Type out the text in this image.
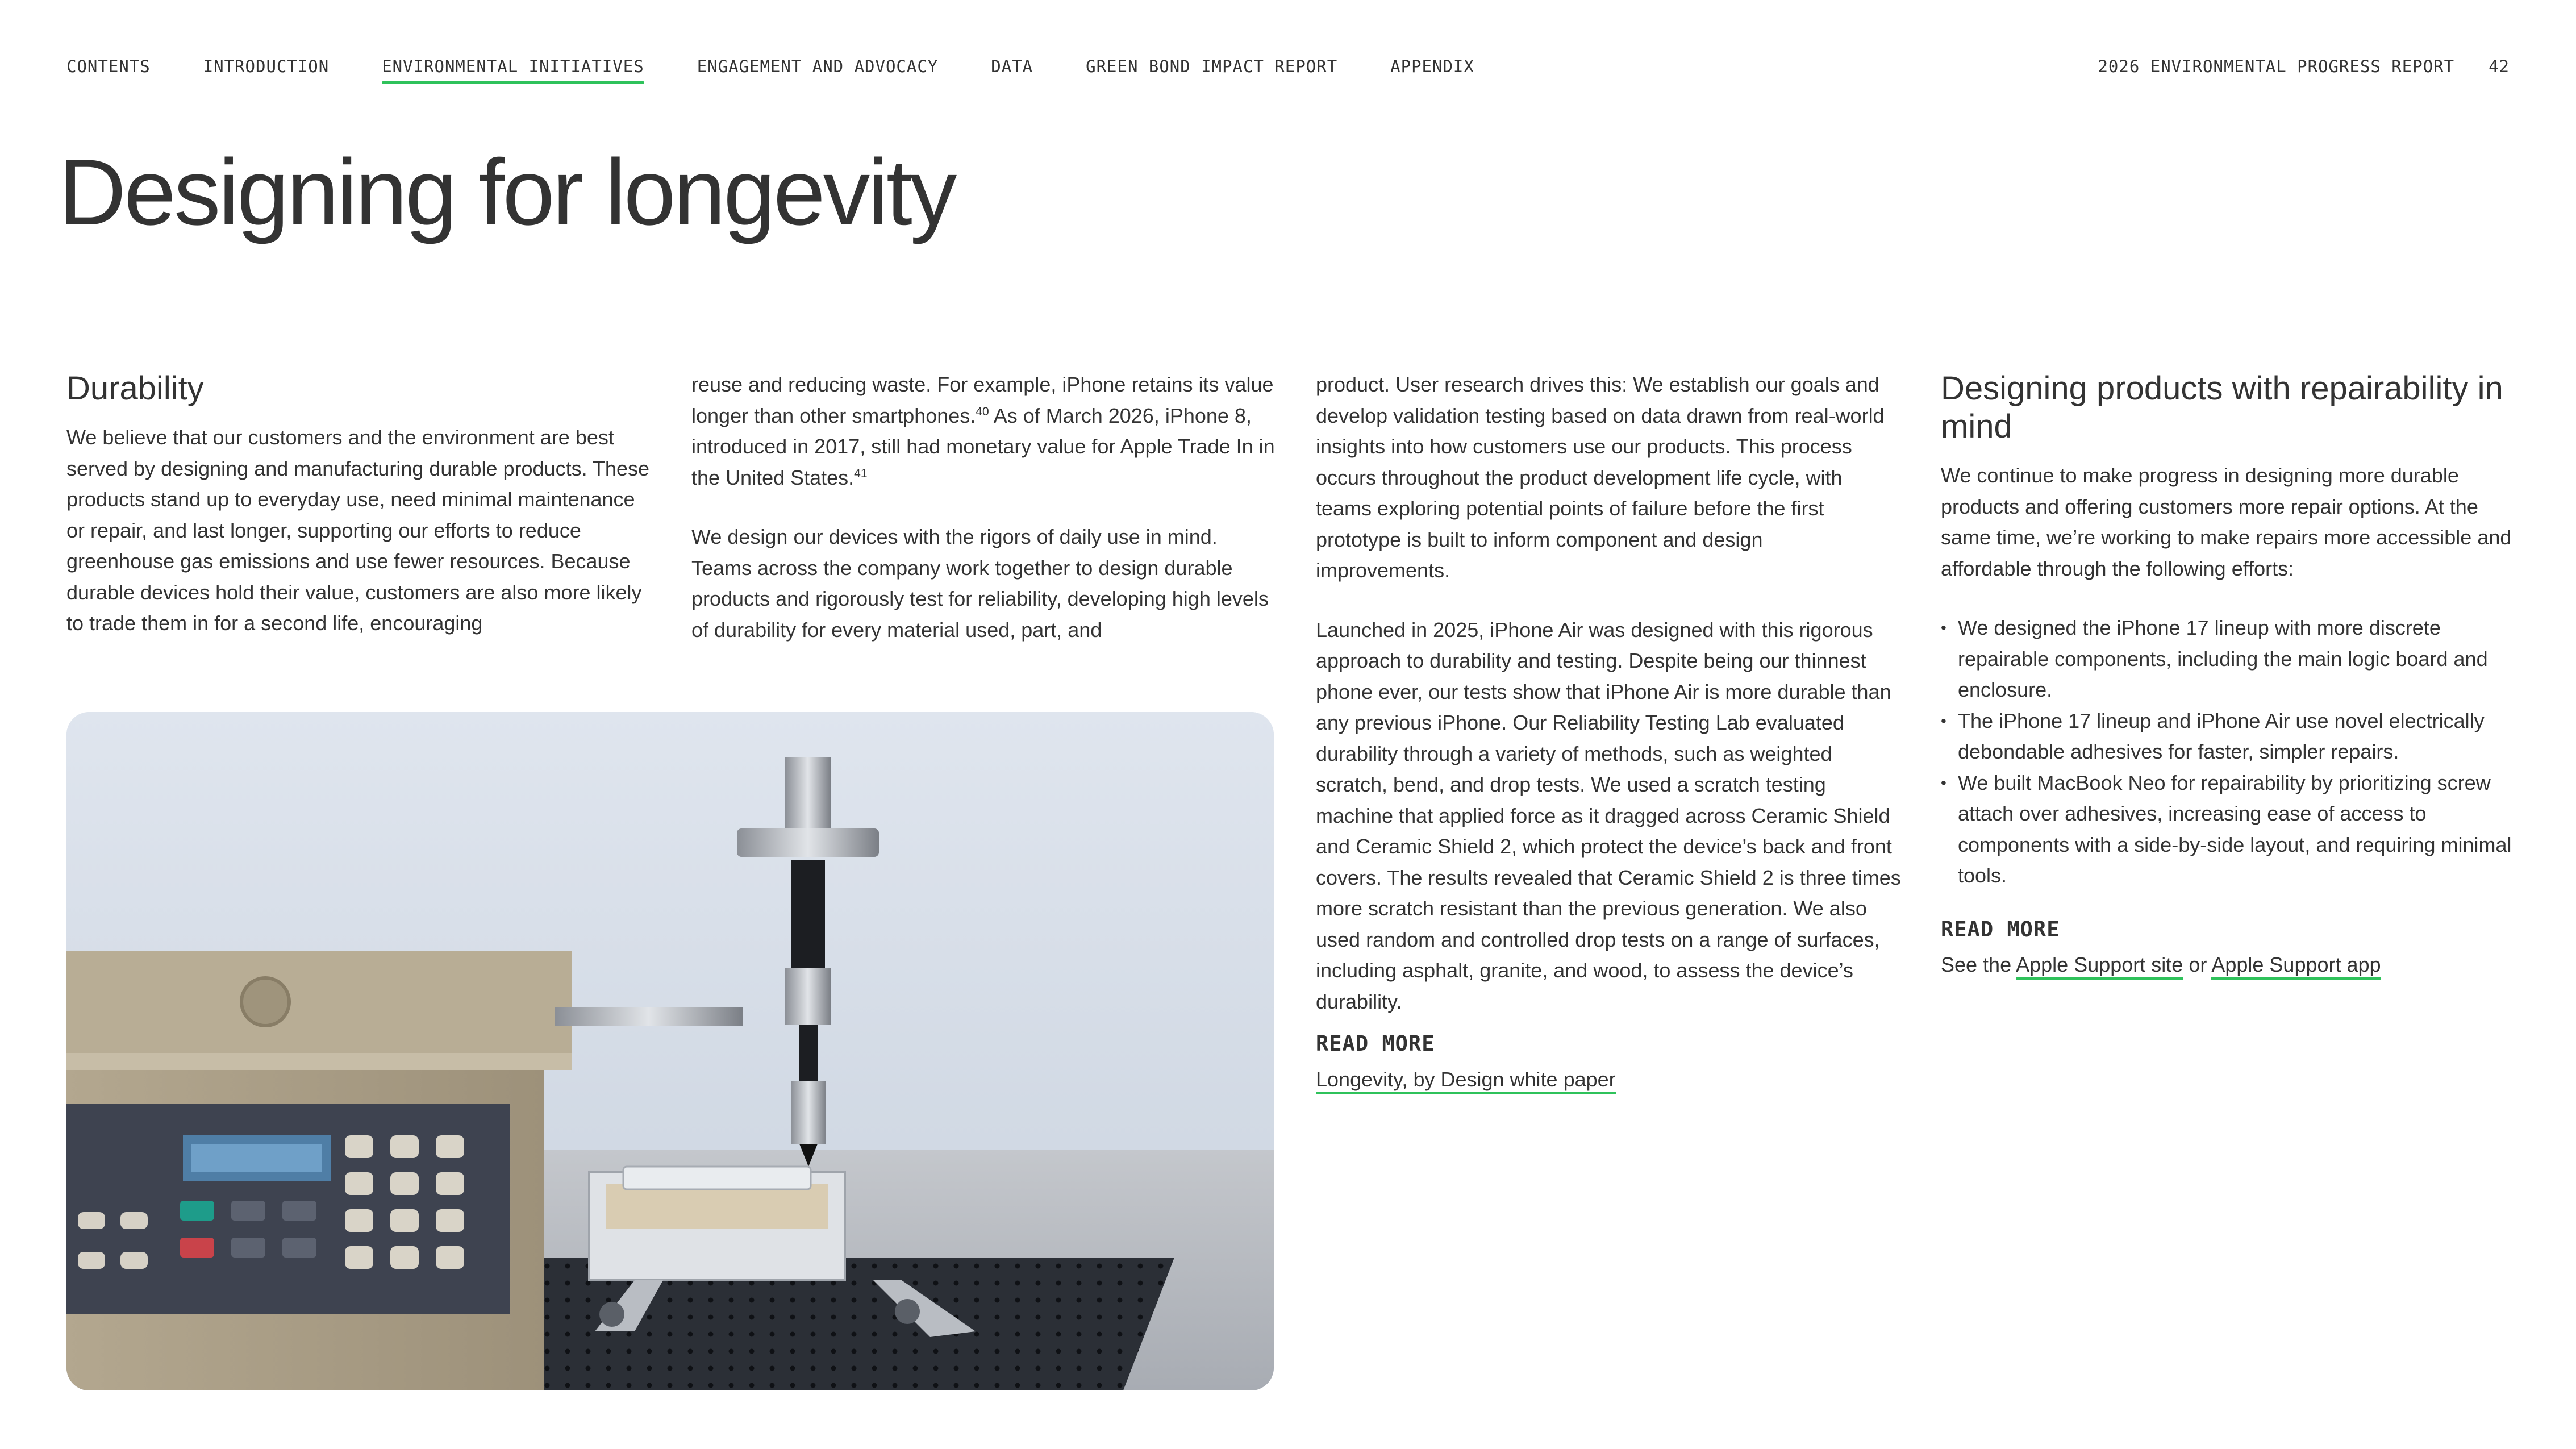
CONTENTS	INTRODUCTION	ENVIRONMENTAL INITIATIVES	ENGAGEMENT AND ADVOCACY	DATA	GREEN BOND IMPACT REPORT	APPENDIX	2026 ENVIRONMENTAL PROGRESS REPORT 42
Designing for longevity
Durability

We believe that our customers and the environment are best served by designing and manufacturing durable products. These products stand up to everyday use, need minimal maintenance or repair, and last longer, supporting our efforts to reduce greenhouse gas emissions and use fewer resources. Because durable devices hold their value, customers are also more likely to trade them in for a second life, encouraging

reuse and reducing waste. For example, iPhone retains its value longer than other smartphones.$^{40}$ As of March 2026, iPhone 8, introduced in 2017, still had monetary value for Apple Trade In in the United States.$^{41}$

We design our devices with the rigors of daily use in mind. Teams across the company work together to design durable products and rigorously test for reliability, developing high levels of durability for every material used, part, and

product. User research drives this: We establish our goals and develop validation testing based on data drawn from real-world insights into how customers use our products. This process occurs throughout the product development life cycle, with teams exploring potential points of failure before the first prototype is built to inform component and design improvements.

Launched in 2025, iPhone Air was designed with this rigorous approach to durability and testing. Despite being our thinnest phone ever, our tests show that iPhone Air is more durable than any previous iPhone. Our Reliability Testing Lab evaluated durability through a variety of methods, such as weighted scratch, bend, and drop tests. We used a scratch testing machine that applied force as it dragged across Ceramic Shield and Ceramic Shield 2, which protect the device’s back and front covers. The results revealed that Ceramic Shield 2 is three times more scratch resistant than the previous generation. We also used random and controlled drop tests on a range of surfaces, including asphalt, granite, and wood, to assess the device’s durability.

READ MORE
Longevity, by Design white paper
Designing products with repairability in mind

We continue to make progress in designing more durable products and offering customers more repair options. At the same time, we’re working to make repairs more accessible and affordable through the following efforts:

• We designed the iPhone 17 lineup with more discrete repairable components, including the main logic board and enclosure.
• The iPhone 17 lineup and iPhone Air use novel electrically debondable adhesives for faster, simpler repairs.
• We built MacBook Neo for repairability by prioritizing screw attach over adhesives, increasing ease of access to components with a side-by-side layout, and requiring minimal tools.
READ MORE
See the Apple Support site or Apple Support app
